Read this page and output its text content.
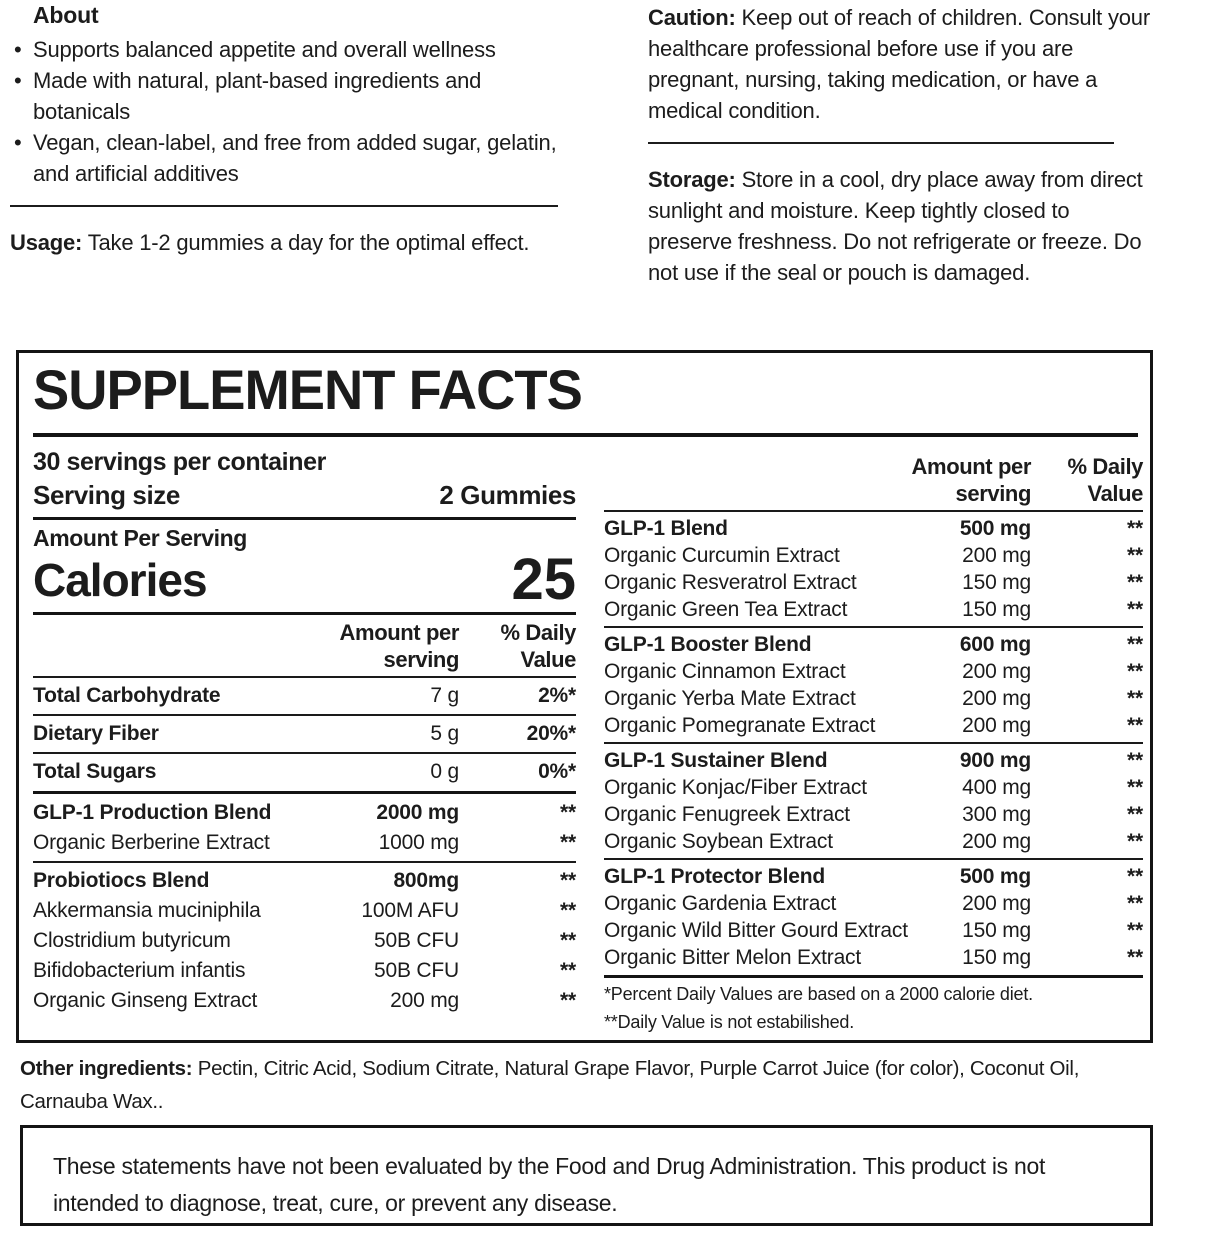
About
• Supports balanced appetite and overall wellness
• Made with natural, plant-based ingredients and botanicals
• Vegan, clean-label, and free from added sugar, gelatin, and artificial additives

Usage: Take 1-2 gummies a day for the optimal effect.

Caution: Keep out of reach of children. Consult your healthcare professional before use if you are pregnant, nursing, taking medication, or have a medical condition.

Storage: Store in a cool, dry place away from direct sunlight and moisture. Keep tightly closed to preserve freshness. Do not refrigerate or freeze. Do not use if the seal or pouch is damaged.

SUPPLEMENT FACTS
30 servings per container
Serving size	2 Gummies
Amount Per Serving
Calories	25
Amount per serving
% Daily Value
Total Carbohydrate	7 g	2%*
Dietary Fiber	5 g	20%*
Total Sugars	0 g	0%*
GLP-1 Production Blend	2000 mg	**
Organic Berberine Extract	1000 mg	**
Probiotiocs Blend	800mg	**
Akkermansia muciniphila	100M AFU	**
Clostridium butyricum	50B CFU	**
Bifidobacterium infantis	50B CFU	**
Organic Ginseng Extract	200 mg	**
Amount per serving
% Daily Value
GLP-1 Blend	500 mg	**
Organic Curcumin Extract	200 mg	**
Organic Resveratrol Extract	150 mg	**
Organic Green Tea Extract	150 mg	**
GLP-1 Booster Blend	600 mg	**
Organic Cinnamon Extract	200 mg	**
Organic Yerba Mate Extract	200 mg	**
Organic Pomegranate Extract	200 mg	**
GLP-1 Sustainer Blend	900 mg	**
Organic Konjac/Fiber Extract	400 mg	**
Organic Fenugreek Extract	300 mg	**
Organic Soybean Extract	200 mg	**
GLP-1 Protector Blend	500 mg	**
Organic Gardenia Extract	200 mg	**
Organic Wild Bitter Gourd Extract	150 mg	**
Organic Bitter Melon Extract	150 mg	**
*Percent Daily Values are based on a 2000 calorie diet.
**Daily Value is not estabilished.

Other ingredients: Pectin, Citric Acid, Sodium Citrate, Natural Grape Flavor, Purple Carrot Juice (for color), Coconut Oil, Carnauba Wax..

These statements have not been evaluated by the Food and Drug Administration. This product is not intended to diagnose, treat, cure, or prevent any disease.
